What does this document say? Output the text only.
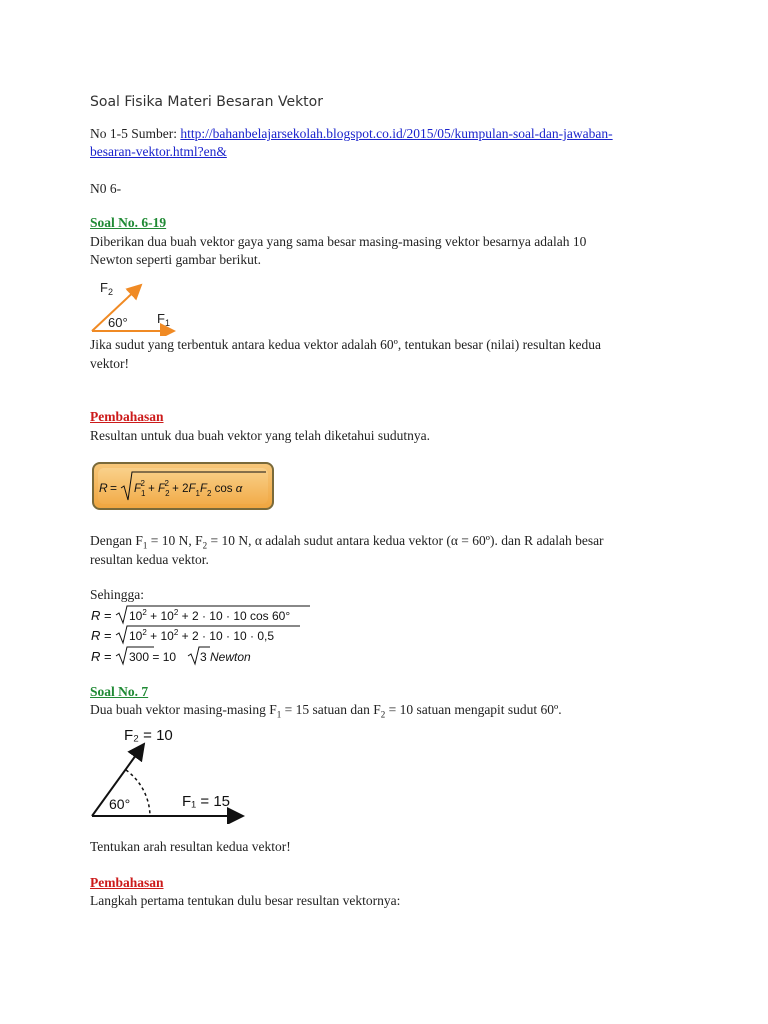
Soal Fisika Materi Besaran Vektor
No 1-5 Sumber: http://bahanbelajarsekolah.blogspot.co.id/2015/05/kumpulan-soal-dan-jawaban-
besaran-vektor.html?en&
N0 6-
Soal No. 6-19
Diberikan dua buah vektor gaya yang sama besar masing-masing vektor besarnya adalah 10
Newton seperti gambar berikut.
$F_2$
60° $F_1$
Jika sudut yang terbentuk antara kedua vektor adalah 60º, tentukan besar (nilai) resultan kedua
vektor!
Pembahasan
Resultan untuk dua buah vektor yang telah diketahui sudutnya.
$R = F_12 + F_22 + 2F_1F_2$ cos α
Dengan $F_1 = 10$ N, $F_2 = 10$ N, α adalah sudut antara kedua vektor (α = 60º). dan R adalah besar
resultan kedua vektor.
Sehingga:
$R = 10^2 + 10^2 + 2 \cdot 10 \cdot 10$ cos 60°
$R = 10^2 + 10^2 + 2 \cdot 10 \cdot 10 \cdot 0,5$
R = 300 = 10 3 Newton
Soal No. 7
Dua buah vektor masing-masing $F_1 = 15$ satuan dan $F_2 = 10$ satuan mengapit sudut 60º.
F₂ = 10
60°	F₁ = 15
Tentukan arah resultan kedua vektor!
Pembahasan
Langkah pertama tentukan dulu besar resultan vektornya:
